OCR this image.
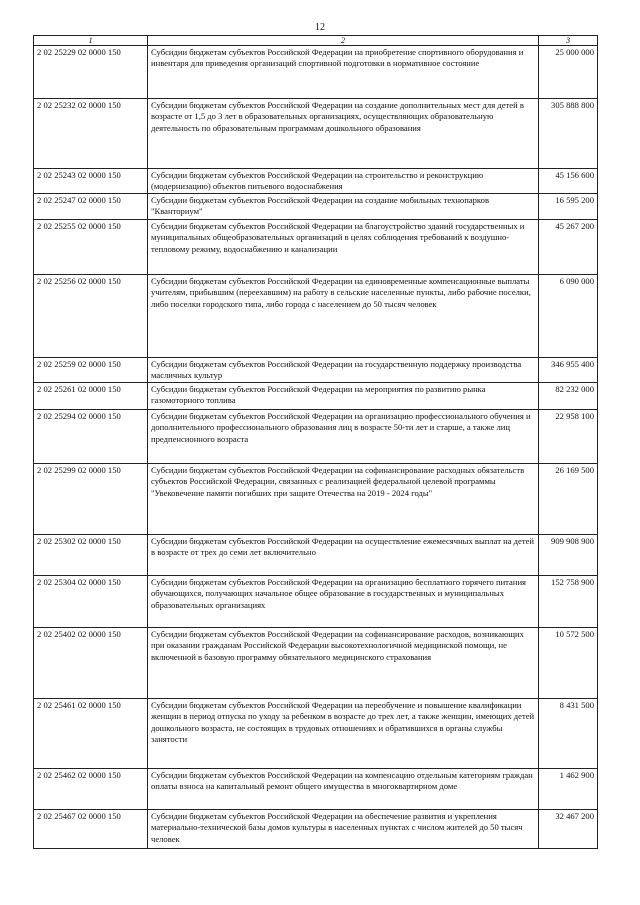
12
1	2	3
2 02 25229 02 0000 150	Субсидии бюджетам субъектов Российской Федерации на приобретение спортивного оборудования и инвентаря для приведения организаций спортивной подготовки в нормативное состояние	25 000 000
2 02 25232 02 0000 150	Субсидии бюджетам субъектов Российской Федерации на создание дополнительных мест для детей в возрасте от 1,5 до 3 лет в образовательных организациях, осуществляющих образовательную деятельность по образовательным программам дошкольного образования	305 888 800
2 02 25243 02 0000 150	Субсидии бюджетам субъектов Российской Федерации на строительство и реконструкцию (модернизацию) объектов питьевого водоснабжения	45 156 600
2 02 25247 02 0000 150	Субсидии бюджетам субъектов Российской Федерации на создание мобильных технопарков "Кванториум"	16 595 200
2 02 25255 02 0000 150	Субсидии бюджетам субъектов Российской Федерации на благоустройство зданий государственных и муниципальных общеобразовательных организаций в целях соблюдения требований к воздушно-тепловому режиму, водоснабжению и канализации	45 267 200
2 02 25256 02 0000 150	Субсидии бюджетам субъектов Российской Федерации на единовременные компенсационные выплаты учителям, прибывшим (переехавшим) на работу в сельские населенные пункты, либо рабочие поселки, либо поселки городского типа, либо города с населением до 50 тысяч человек	6 090 000
2 02 25259 02 0000 150	Субсидии бюджетам субъектов Российской Федерации на государственную поддержку производства масличных культур	346 955 400
2 02 25261 02 0000 150	Субсидии бюджетам субъектов Российской Федерации на мероприятия по развитию рынка газомоторного топлива	82 232 000
2 02 25294 02 0000 150	Субсидии бюджетам субъектов Российской Федерации на организацию профессионального обучения и дополнительного профессионального образования лиц в возрасте 50-ти лет и старше, а также лиц предпенсионного возраста	22 958 100
2 02 25299 02 0000 150	Субсидии бюджетам субъектов Российской Федерации на софинансирование расходных обязательств субъектов Российской Федерации, связанных с реализацией федеральной целевой программы "Увековечение памяти погибших при защите Отечества на 2019 - 2024 годы"	26 169 500
2 02 25302 02 0000 150	Субсидии бюджетам субъектов Российской Федерации на осуществление ежемесячных выплат на детей в возрасте от трех до семи лет включительно	909 908 900
2 02 25304 02 0000 150	Субсидии бюджетам субъектов Российской Федерации на организацию бесплатного горячего питания обучающихся, получающих начальное общее образование в государственных и муниципальных образовательных организациях	152 758 900
2 02 25402 02 0000 150	Субсидии бюджетам субъектов Российской Федерации на софинансирование расходов, возникающих при оказании гражданам Российской Федерации высокотехнологичной медицинской помощи, не включенной в базовую программу обязательного медицинского страхования	10 572 500
2 02 25461 02 0000 150	Субсидии бюджетам субъектов Российской Федерации на переобучение и повышение квалификации женщин в период отпуска по уходу за ребенком в возрасте до трех лет, а также женщин, имеющих детей дошкольного возраста, не состоящих в трудовых отношениях и обратившихся в органы службы занятости	8 431 500
2 02 25462 02 0000 150	Субсидии бюджетам субъектов Российской Федерации на компенсацию отдельным категориям граждан оплаты взноса на капитальный ремонт общего имущества в многоквартирном доме	1 462 900
2 02 25467 02 0000 150	Субсидии бюджетам субъектов Российской Федерации на обеспечение развития и укрепления материально-технической базы домов культуры в населенных пунктах с числом жителей до 50 тысяч человек	32 467 200
